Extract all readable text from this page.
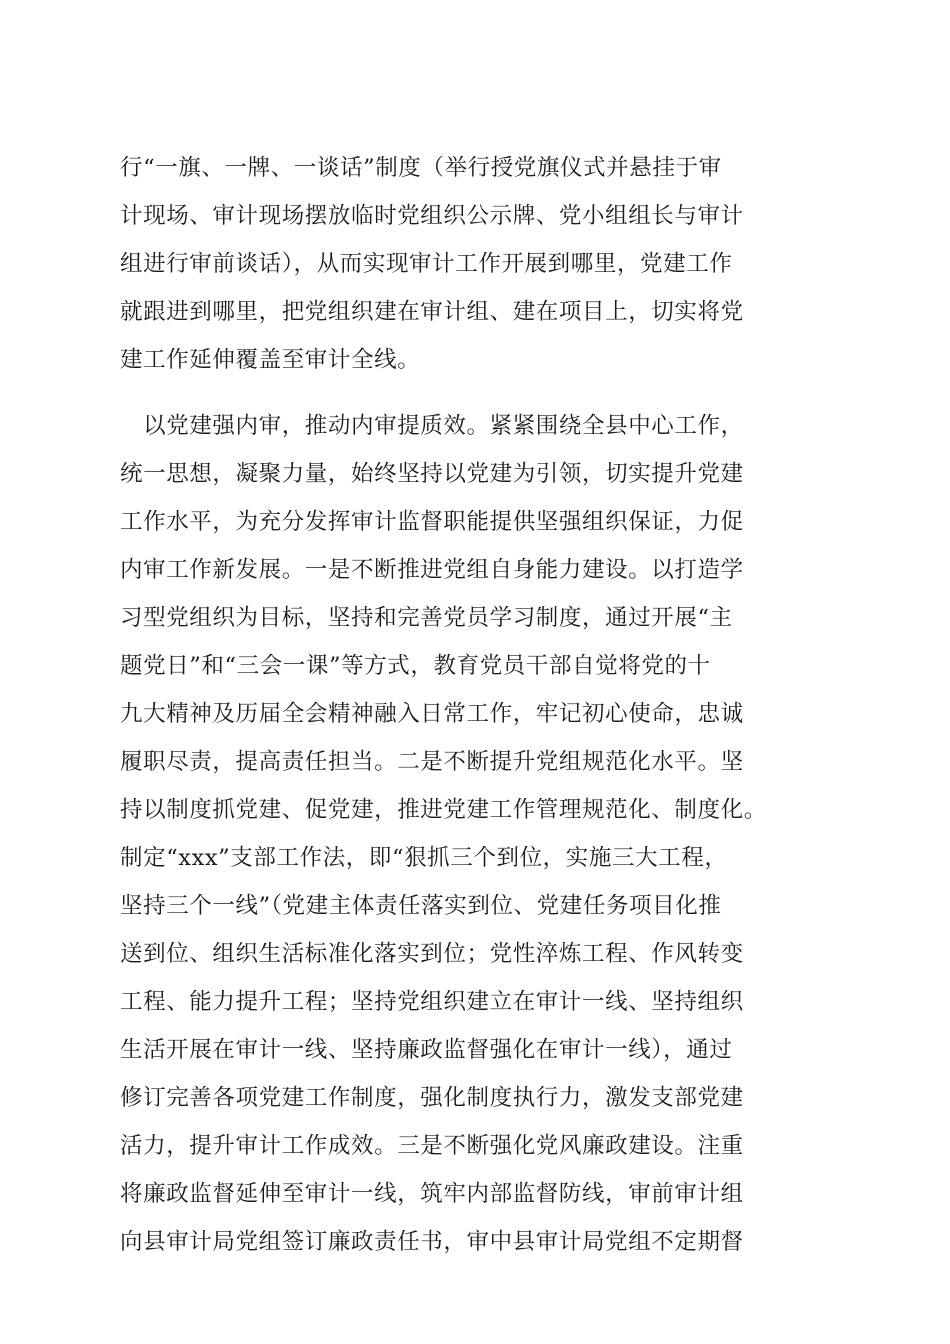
行“一旗、一牌、一谈话”制度（举行授党旗仪式并悬挂于审
计现场、审计现场摆放临时党组织公示牌、党小组组长与审计
组进行审前谈话），从而实现审计工作开展到哪里，党建工作
就跟进到哪里，把党组织建在审计组、建在项目上，切实将党
建工作延伸覆盖至审计全线。
　以党建强内审，推动内审提质效。紧紧围绕全县中心工作，
统一思想，凝聚力量，始终坚持以党建为引领，切实提升党建
工作水平，为充分发挥审计监督职能提供坚强组织保证，力促
内审工作新发展。一是不断推进党组自身能力建设。以打造学
习型党组织为目标，坚持和完善党员学习制度，通过开展“主
题党日”和“三会一课”等方式，教育党员干部自觉将党的十
九大精神及历届全会精神融入日常工作，牢记初心使命，忠诚
履职尽责，提高责任担当。二是不断提升党组规范化水平。坚
持以制度抓党建、促党建，推进党建工作管理规范化、制度化。
制定“xxx”支部工作法，即“狠抓三个到位，实施三大工程，
坚持三个一线”（党建主体责任落实到位、党建任务项目化推
送到位、组织生活标准化落实到位；党性淬炼工程、作风转变
工程、能力提升工程；坚持党组织建立在审计一线、坚持组织
生活开展在审计一线、坚持廉政监督强化在审计一线），通过
修订完善各项党建工作制度，强化制度执行力，激发支部党建
活力，提升审计工作成效。三是不断强化党风廉政建设。注重
将廉政监督延伸至审计一线，筑牢内部监督防线，审前审计组
向县审计局党组签订廉政责任书，审中县审计局党组不定期督
